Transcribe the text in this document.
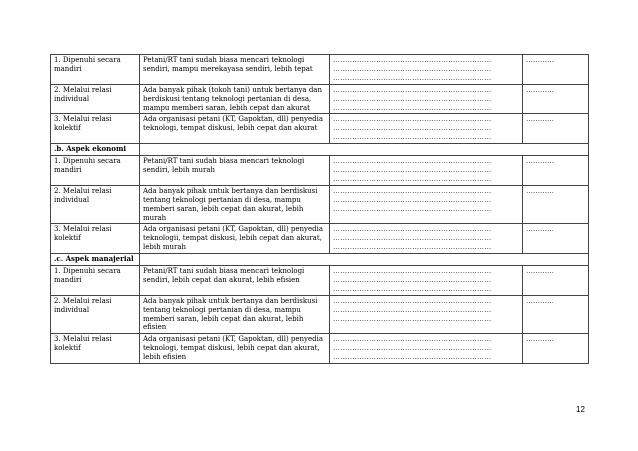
1. Dipenuhi secara mandiri	Petani/RT tani sudah biasa mencari teknologi sendiri, mampu merekayasa sendiri, lebih tepat	…………………………………………………………
…………………………………………………………
…………………………………………………………	…………
2. Melalui relasi individual	Ada banyak pihak (tokoh tani) untuk bertanya dan berdiskusi tentang teknologi pertanian di desa, mampu memberi saran, lebih cepat dan akurat	…………………………………………………………
…………………………………………………………
…………………………………………………………	…………
3. Melalui relasi kolektif	Ada organisasi petani (KT, Gapoktan, dll) penyedia teknologi, tempat diskusi, lebih cepat dan akurat	…………………………………………………………
…………………………………………………………
…………………………………………………………	…………
.b. Aspek ekonomi			
1. Dipenuhi secara mandiri	Petani/RT tani sudah biasa mencari teknologi sendiri, lebih murah	…………………………………………………………
…………………………………………………………
…………………………………………………………	…………
2. Melalui relasi individual	Ada banyak pihak untuk bertanya dan berdiskusi tentang teknologi pertanian di desa, mampu memberi saran, lebih cepat dan akurat, lebih murah	…………………………………………………………
…………………………………………………………
…………………………………………………………	…………
3. Melalui relasi kolektif	Ada organisasi petani (KT, Gapoktan, dll) penyedia teknologii, tempat diskusi, lebih cepat dan akurat, lebih murah	…………………………………………………………
…………………………………………………………
…………………………………………………………	…………
.c. Aspek manajerial			
1. Dipenuhi secara mandiri	Petani/RT tani sudah biasa mencari teknologi sendiri, lebih cepat dan akurat, lebih efisien	…………………………………………………………
…………………………………………………………
…………………………………………………………	…………
2. Melalui relasi individual	Ada banyak pihak untuk bertanya dan berdiskusi tentang teknologi pertanian di desa, mampu memberi saran, lebih cepat dan akurat, lebih efisien	…………………………………………………………
…………………………………………………………
…………………………………………………………	…………
3. Melalui relasi kolektif	Ada organisasi petani (KT, Gapoktan, dll) penyedia teknologi, tempat diskusi, lebih cepat dan akurat, lebih efisien	…………………………………………………………
…………………………………………………………
…………………………………………………………	…………
12
